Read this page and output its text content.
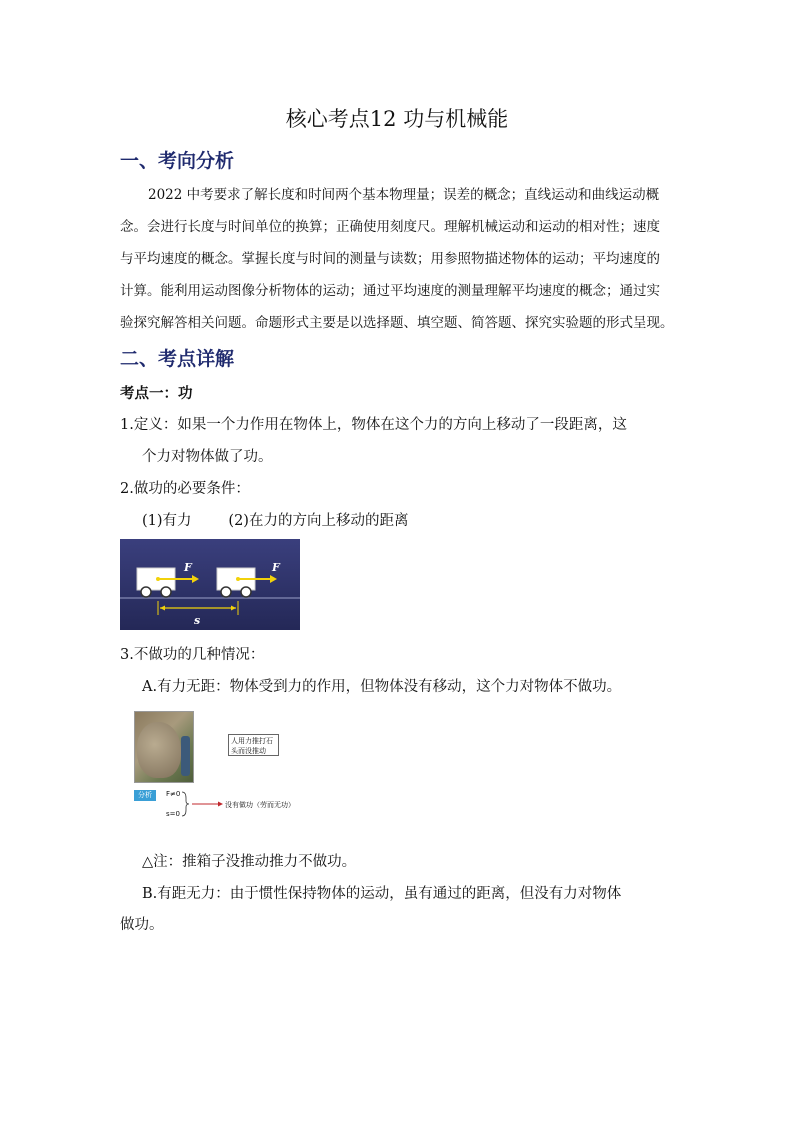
核心考点12 功与机械能
一、考向分析
2022 中考要求了解长度和时间两个基本物理量；误差的概念；直线运动和曲线运动概
念。会进行长度与时间单位的换算；正确使用刻度尺。理解机械运动和运动的相对性；速度
与平均速度的概念。掌握长度与时间的测量与读数；用参照物描述物体的运动；平均速度的
计算。能利用运动图像分析物体的运动；通过平均速度的测量理解平均速度的概念；通过实
验探究解答相关问题。命题形式主要是以选择题、填空题、简答题、探究实验题的形式呈现。
二、考点详解
考点一：功
1.定义：如果一个力作用在物体上，物体在这个力的方向上移动了一段距离，这
个力对物体做了功。
2.做功的必要条件：
(1)有力        (2)在力的方向上移动的距离
F	F
s
3.不做功的几种情况：
A.有力无距：物体受到力的作用，但物体没有移动，这个力对物体不做功。
人用力推打石头而没推动
分析	F≠0
s=0
没有做功（劳而无功）
△注：推箱子没推动推力不做功。
B.有距无力：由于惯性保持物体的运动，虽有通过的距离，但没有力对物体
做功。
